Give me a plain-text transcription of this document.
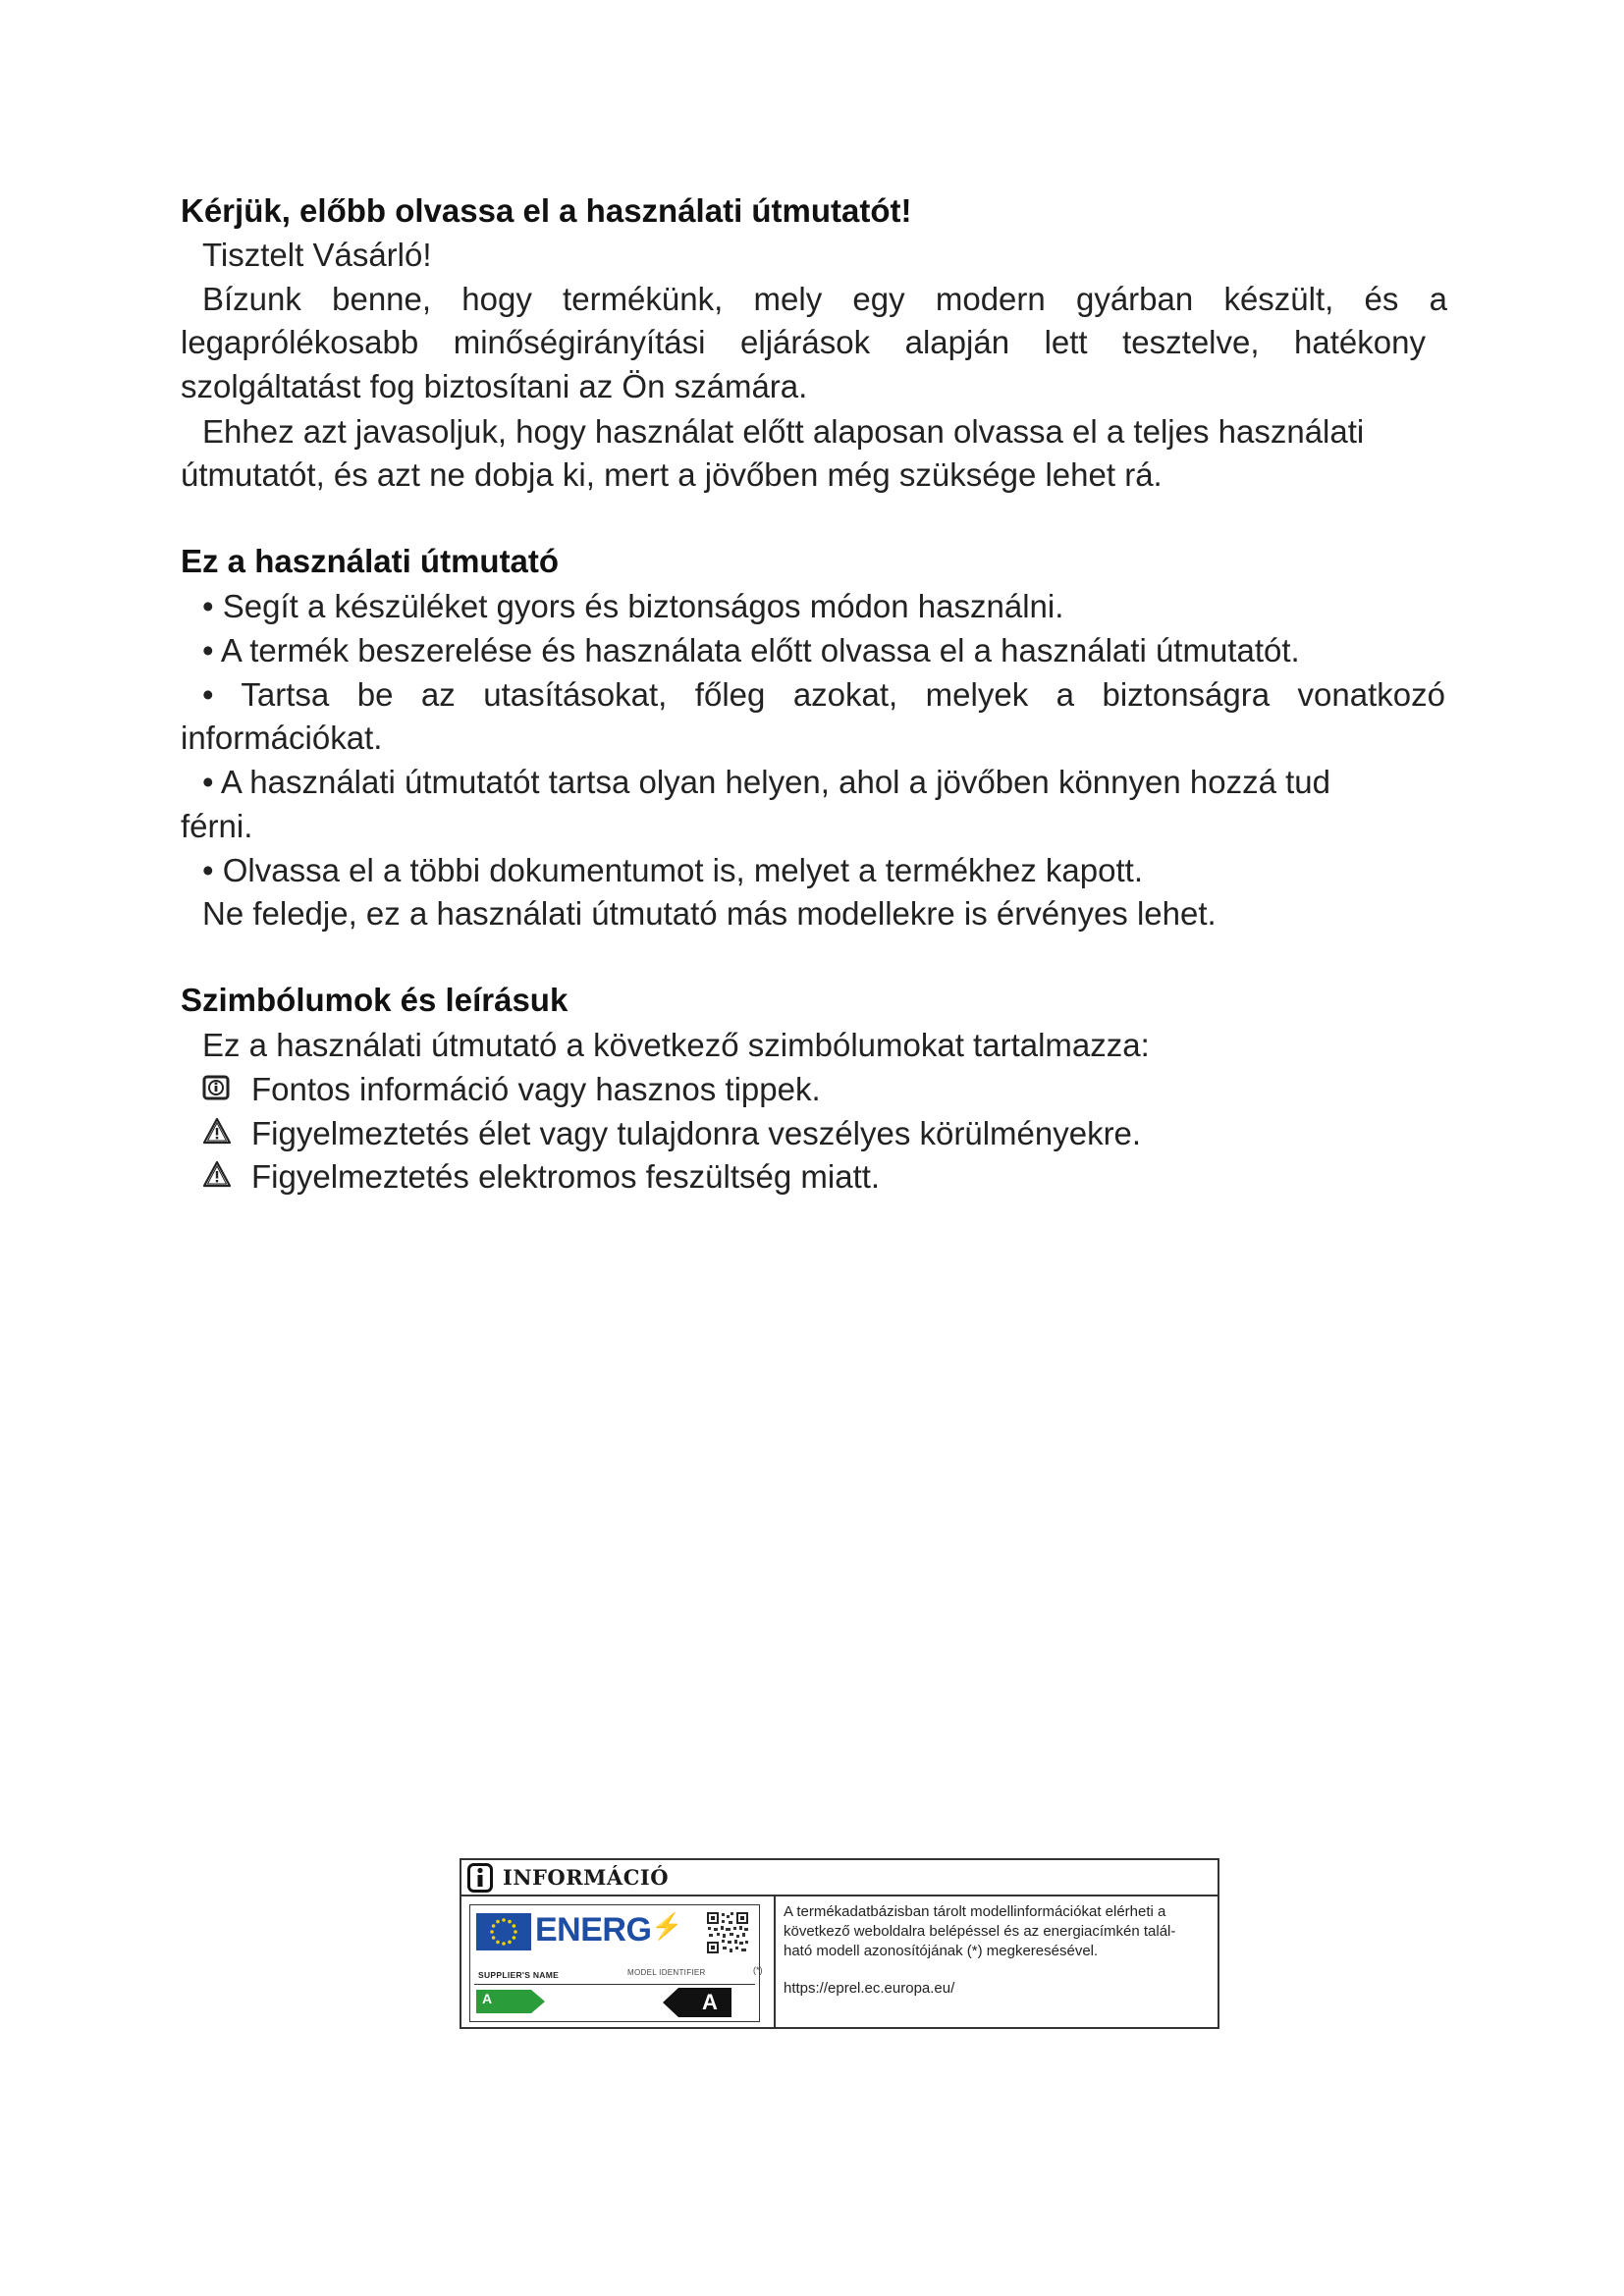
Kérjük, előbb olvassa el a használati útmutatót!
Tisztelt Vásárló!
Bízunk benne, hogy termékünk, mely egy modern gyárban készült, és a
legaprólékosabb minőségirányítási eljárások alapján lett tesztelve, hatékony
szolgáltatást fog biztosítani az Ön számára.
Ehhez azt javasoljuk, hogy használat előtt alaposan olvassa el a teljes használati
útmutatót, és azt ne dobja ki, mert a jövőben még szüksége lehet rá.
Ez a használati útmutató
• Segít a készüléket gyors és biztonságos módon használni.
• A termék beszerelése és használata előtt olvassa el a használati útmutatót.
• Tartsa be az utasításokat, főleg azokat, melyek a biztonságra vonatkozó
információkat.
• A használati útmutatót tartsa olyan helyen, ahol a jövőben könnyen hozzá tud
férni.
• Olvassa el a többi dokumentumot is, melyet a termékhez kapott.
Ne feledje, ez a használati útmutató más modellekre is érvényes lehet.
Szimbólumok és leírásuk
Ez a használati útmutató a következő szimbólumokat tartalmazza:
Fontos információ vagy hasznos tippek.
Figyelmeztetés élet vagy tulajdonra veszélyes körülményekre.
Figyelmeztetés elektromos feszültség miatt.
INFORMÁCIÓ
ENERG⚡
SUPPLIER'S NAME	MODEL IDENTIFIER	(*)
A	A
A termékadatbázisban tárolt modellinformációkat elérheti a
következő weboldalra belépéssel és az energiacímkén talál-
ható modell azonosítójának (*) megkeresésével.
https://eprel.ec.europa.eu/
